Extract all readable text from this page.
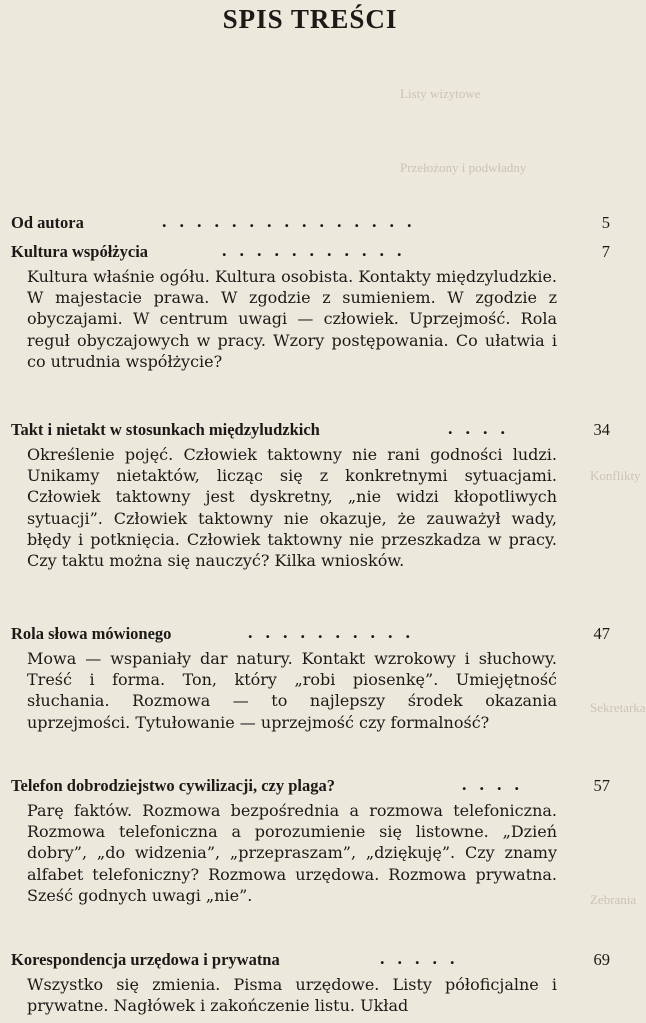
Listy wizytowe
Przełożony i podwładny
Konflikty
Sekretarka
Zebrania
SPIS TREŚCI
Od autora	...............	5
Kultura współżycia	...........	7

Kultura właśnie ogółu. Kultura osobista. Kontakty międzyludzkie. W majestacie prawa. W zgodzie z sumieniem. W zgodzie z obyczajami. W centrum uwagi — człowiek. Uprzejmość. Rola reguł obyczajowych w pracy. Wzory postępowania. Co ułatwia i co utrudnia współżycie?

Takt i nietakt w stosunkach międzyludzkich	....	34

Określenie pojęć. Człowiek taktowny nie rani godności ludzi. Unikamy nietaktów, licząc się z konkretnymi sytuacjami. Człowiek taktowny jest dyskretny, „nie widzi kłopotliwych sytuacji”. Człowiek taktowny nie okazuje, że zauważył wady, błędy i potknięcia. Człowiek taktowny nie przeszkadza w pracy. Czy taktu można się nauczyć? Kilka wniosków.

Rola słowa mówionego	..........	47

Mowa — wspaniały dar natury. Kontakt wzrokowy i słuchowy. Treść i forma. Ton, który „robi piosenkę”. Umiejętność słuchania. Rozmowa — to najlepszy środek okazania uprzejmości. Tytułowanie — uprzejmość czy formalność?

Telefon dobrodziejstwo cywilizacji, czy plaga?	....	57

Parę faktów. Rozmowa bezpośrednia a rozmowa telefoniczna. Rozmowa telefoniczna a porozumienie się listowne. „Dzień dobry”, „do widzenia”, „przepraszam”, „dziękuję”. Czy znamy alfabet telefoniczny? Rozmowa urzędowa. Rozmowa prywatna. Sześć godnych uwagi „nie”.

Korespondencja urzędowa i prywatna	.....	69

Wszystko się zmienia. Pisma urzędowe. Listy półoficjalne i prywatne. Nagłówek i zakończenie listu. Układ
